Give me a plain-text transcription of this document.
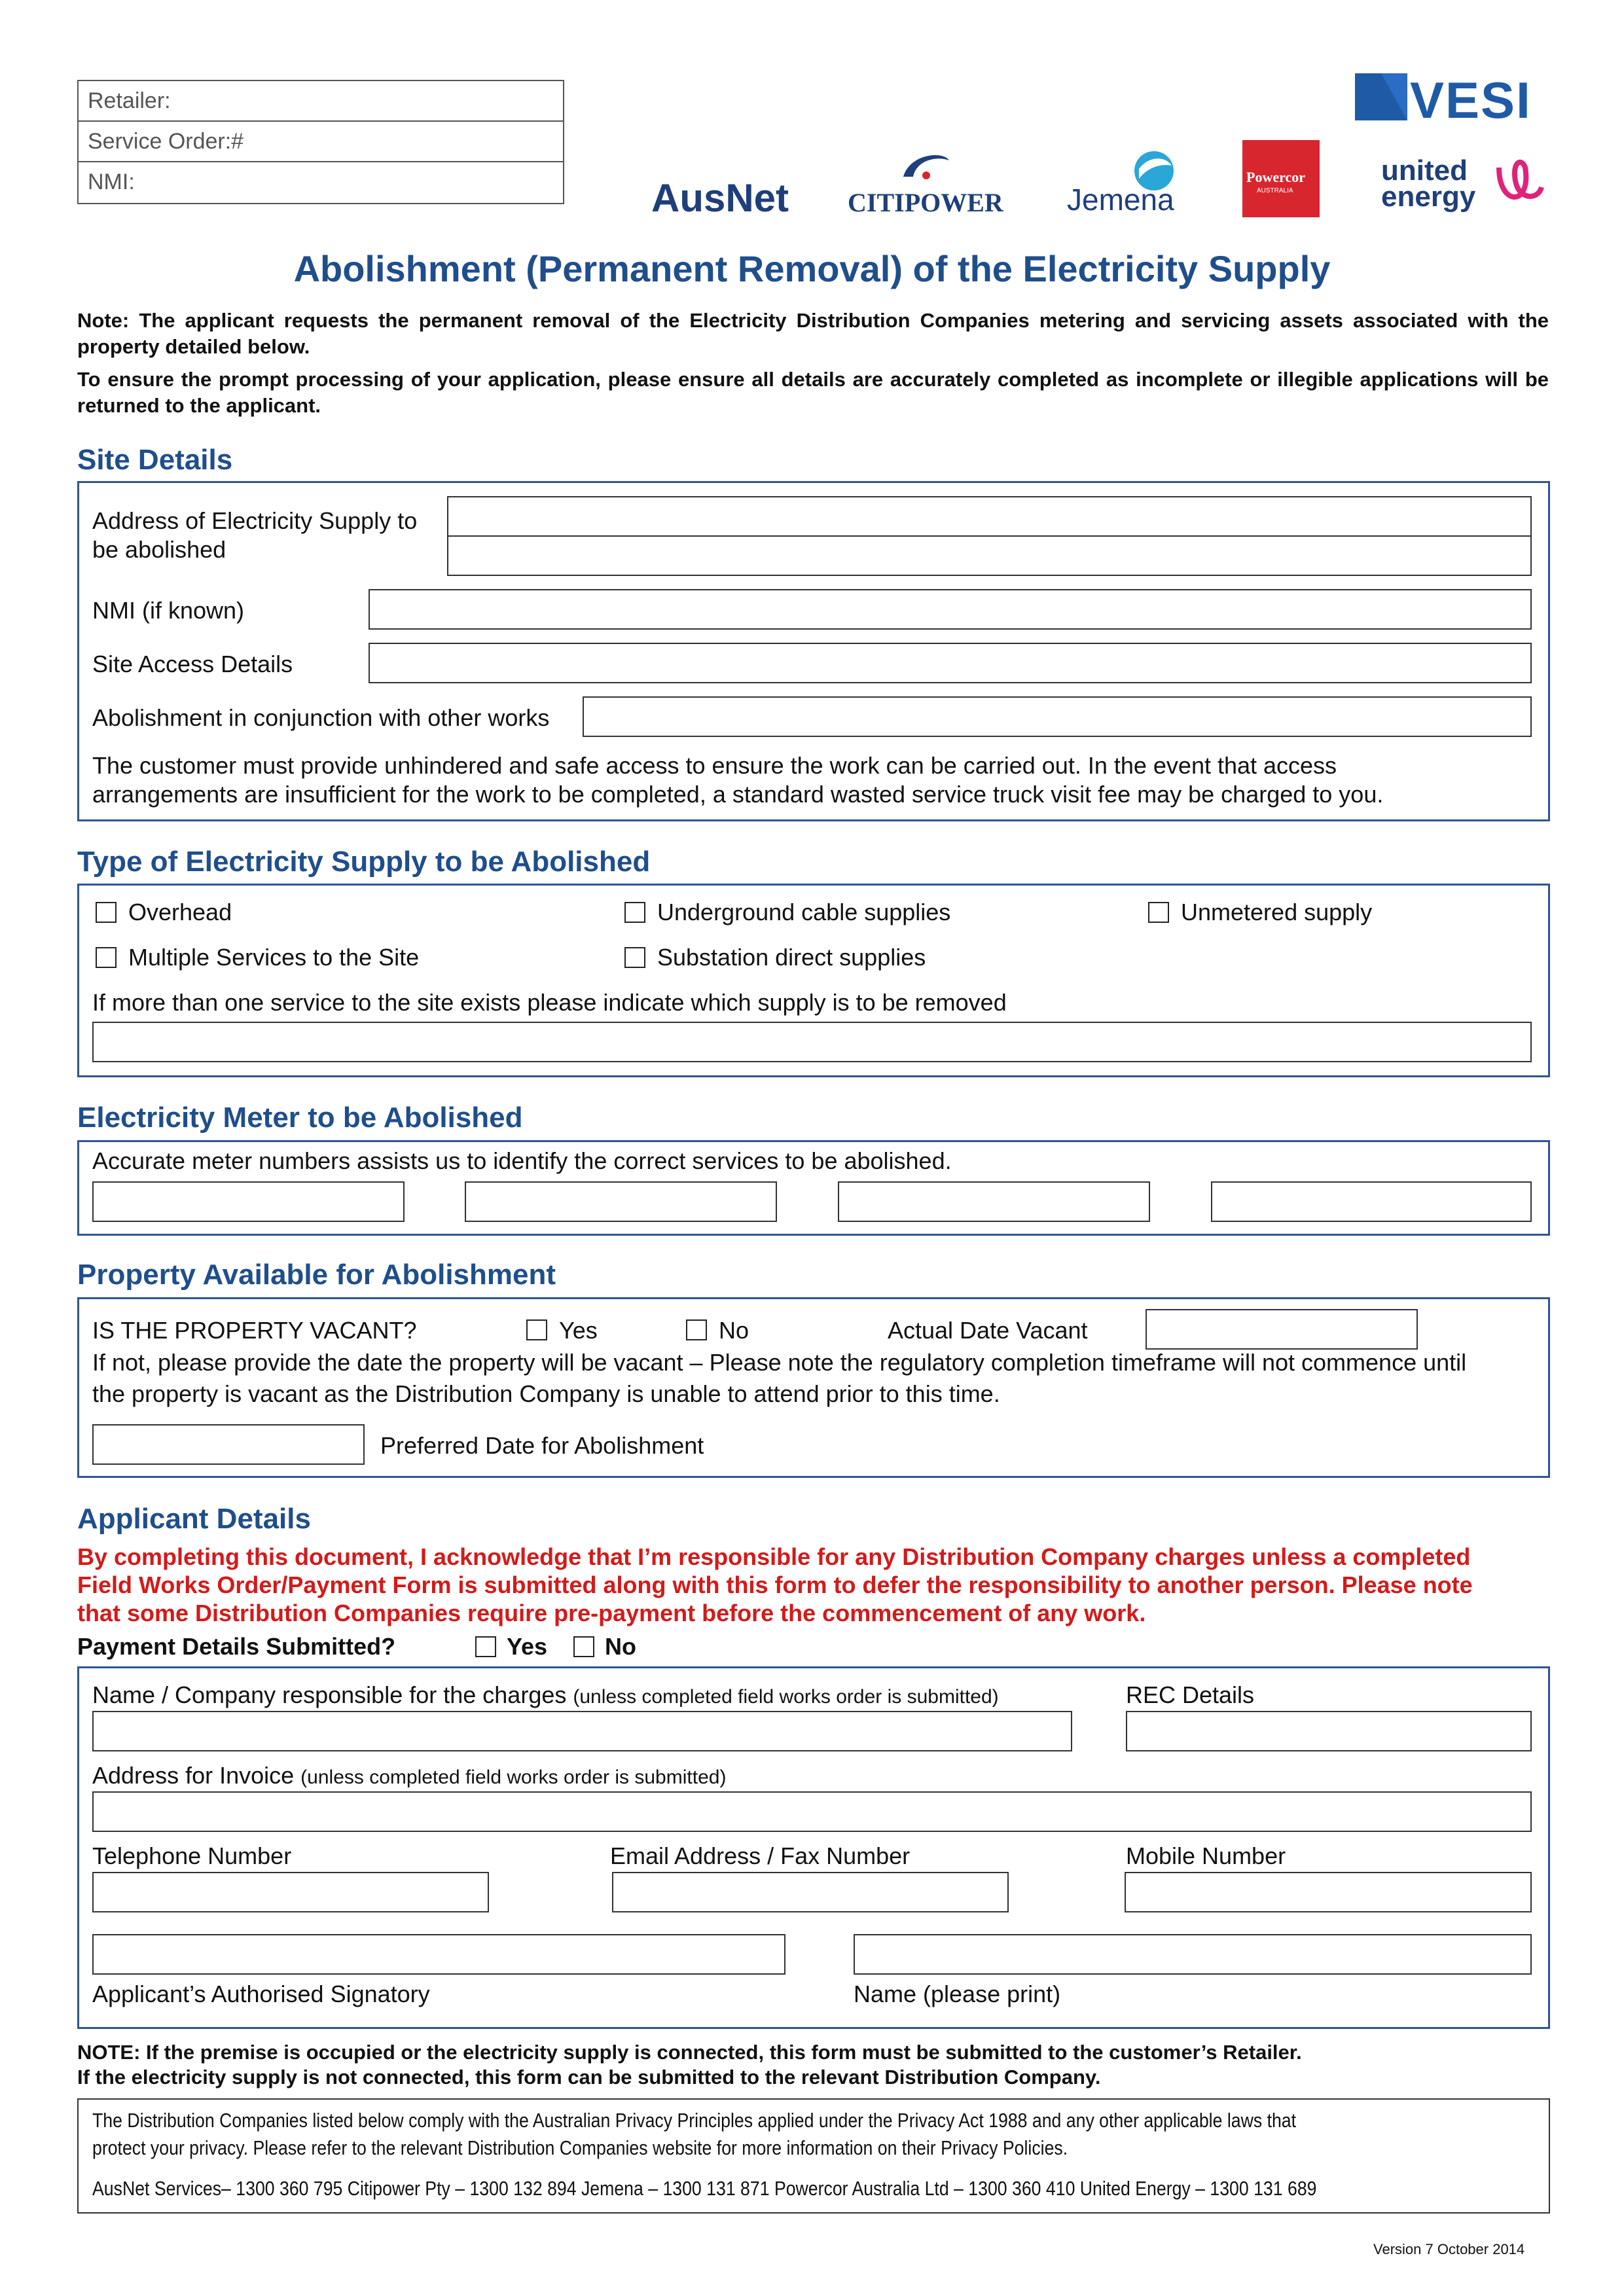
Retailer:
Service Order:#
NMI:
VESI
AusNet CITIPOWER Jemena
Powercor
AUSTRALIA
united
energy
Abolishment (Permanent Removal) of the Electricity Supply
Note: The applicant requests the permanent removal of the Electricity Distribution Companies metering and servicing assets associated with the property detailed below.
To ensure the prompt processing of your application, please ensure all details are accurately completed as incomplete or illegible applications will be returned to the applicant.
Site Details
Address of Electricity Supply to
be abolished
NMI (if known)
Site Access Details
Abolishment in conjunction with other works
The customer must provide unhindered and safe access to ensure the work can be carried out. In the event that access
arrangements are insufficient for the work to be completed, a standard wasted service truck visit fee may be charged to you.
Type of Electricity Supply to be Abolished
Overhead	Underground cable supplies	Unmetered supply
Multiple Services to the Site	Substation direct supplies
If more than one service to the site exists please indicate which supply is to be removed
Electricity Meter to be Abolished
Accurate meter numbers assists us to identify the correct services to be abolished.
Property Available for Abolishment
IS THE PROPERTY VACANT?	Yes	No	Actual Date Vacant
If not, please provide the date the property will be vacant – Please note the regulatory completion timeframe will not commence until
the property is vacant as the Distribution Company is unable to attend prior to this time.
Preferred Date for Abolishment
Applicant Details
By completing this document, I acknowledge that I’m responsible for any Distribution Company charges unless a completed
Field Works Order/Payment Form is submitted along with this form to defer the responsibility to another person. Please note
that some Distribution Companies require pre-payment before the commencement of any work.
Payment Details Submitted?	Yes No
Name / Company responsible for the charges (unless completed field works order is submitted)	REC Details
Address for Invoice (unless completed field works order is submitted)
Telephone Number	Email Address / Fax Number	Mobile Number
Applicant’s Authorised Signatory	Name (please print)
NOTE: If the premise is occupied or the electricity supply is connected, this form must be submitted to the customer’s Retailer.
If the electricity supply is not connected, this form can be submitted to the relevant Distribution Company.
The Distribution Companies listed below comply with the Australian Privacy Principles applied under the Privacy Act 1988 and any other applicable laws that
protect your privacy. Please refer to the relevant Distribution Companies website for more information on their Privacy Policies.
AusNet Services– 1300 360 795 Citipower Pty – 1300 132 894 Jemena – 1300 131 871 Powercor Australia Ltd – 1300 360 410 United Energy – 1300 131 689
Version 7 October 2014
